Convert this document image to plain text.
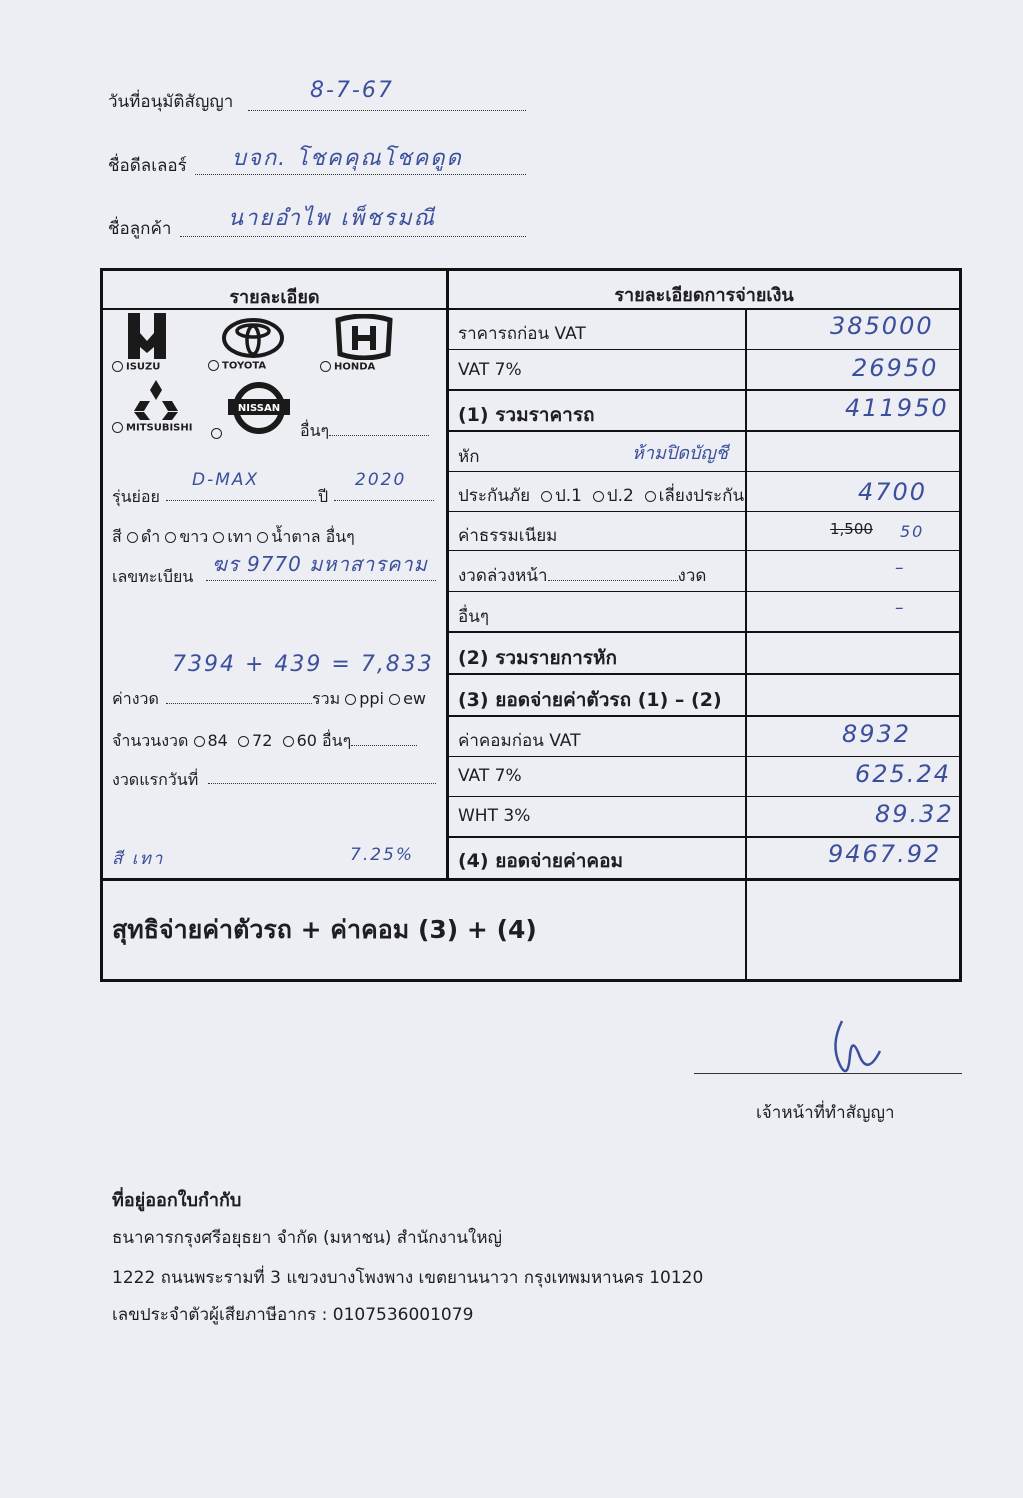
วันที่อนุมัติสัญญา	8-7-67
ชื่อดีลเลอร์ บจก. โชคคุณโชคดูด
ชื่อลูกค้า	นายอำไพ เพ็ชรมณี
รายละเอียด	รายละเอียดการจ่ายเงิน
ราคารถก่อน VAT	385000
VAT 7%	26950
(1) รวมราคารถ	411950
หัก	ห้ามปิดบัญชี
ประกันภัย ป.1 ป.2 เลี่ยงประกัน	4700
ค่าธรรมเนียม	1,500 50
งวดล่วงหน้า	งวด	–
อื่นๆ	–
(2) รวมรายการหัก
(3) ยอดจ่ายค่าตัวรถ (1) – (2)
ค่าคอมก่อน VAT	8932
VAT 7%	625.24
WHT 3%	89.32
(4) ยอดจ่ายค่าคอม	9467.92
สุทธิจ่ายค่าตัวรถ + ค่าคอม (3) + (4)
ISUZU	TOYOTA	HONDA
MITSUBISHI
NISSAN
อื่นๆ
รุ่นย่อย
D-MAX
ปี
2020
สี ดำ ขาว เทา น้ำตาล อื่นๆ
เลขทะเบียน
ฆร 9770 มหาสารคาม
ค่างวด
7394 + 439 = 7,833
รวม ppi ew
จำนวนงวด 84 72 60 อื่นๆ
งวดแรกวันที่
สี เทา	7.25%
เจ้าหน้าที่ทำสัญญา
ที่อยู่ออกใบกำกับ
ธนาคารกรุงศรีอยุธยา จำกัด (มหาชน) สำนักงานใหญ่
1222 ถนนพระรามที่ 3 แขวงบางโพงพาง เขตยานนาวา กรุงเทพมหานคร 10120
เลขประจำตัวผู้เสียภาษีอากร : 0107536001079
